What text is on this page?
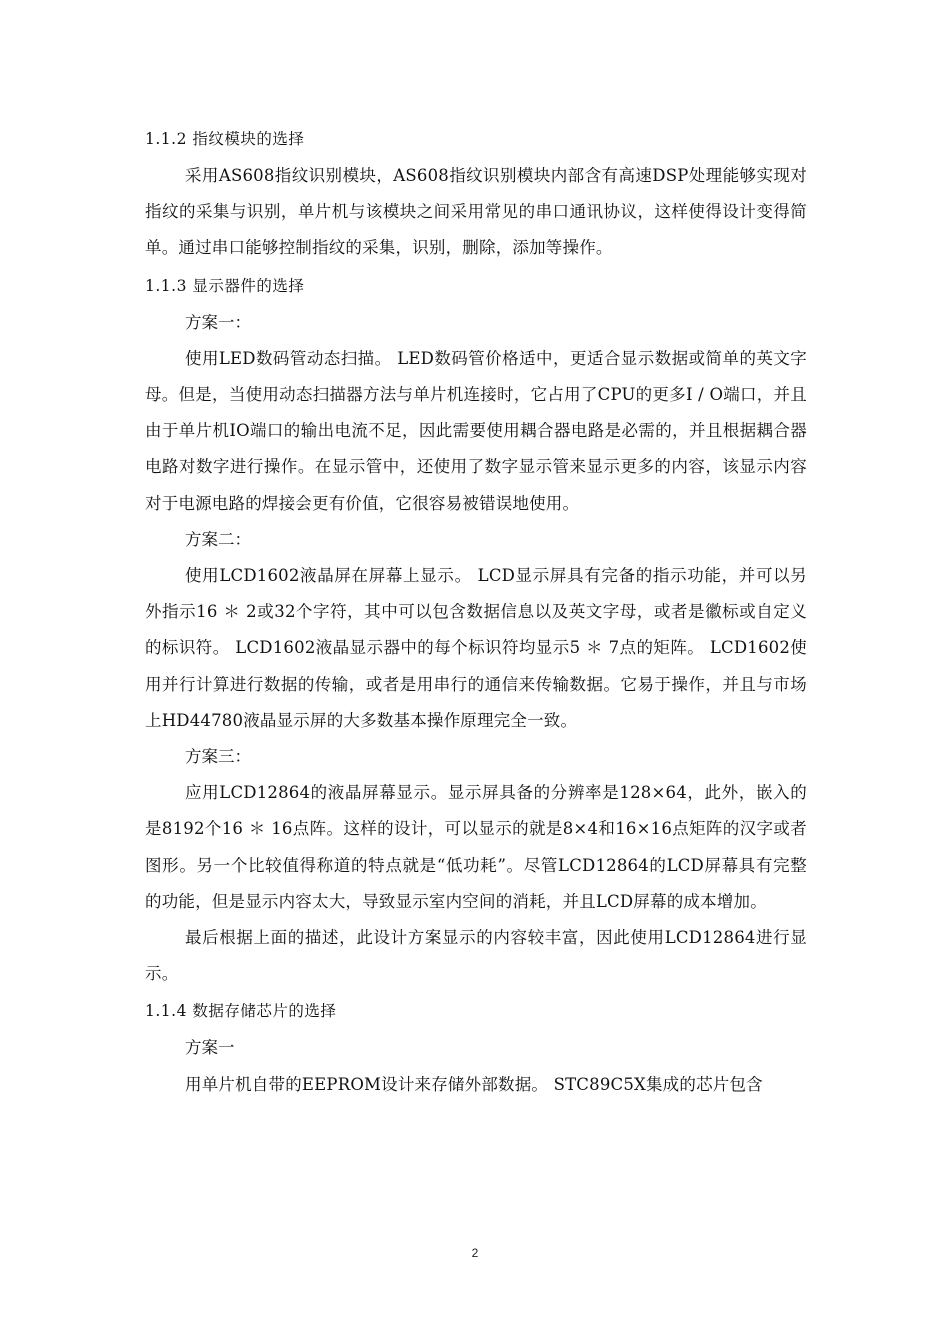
1.1.2 指纹模块的选择

采用AS608指纹识别模块，AS608指纹识别模块内部含有高速DSP处理能够实现对指纹的采集与识别，单片机与该模块之间采用常见的串口通讯协议，这样使得设计变得简单。通过串口能够控制指纹的采集，识别，删除，添加等操作。

1.1.3 显示器件的选择

方案一：

使用LED数码管动态扫描。 LED数码管价格适中，更适合显示数据或简单的英文字母。但是，当使用动态扫描器方法与单片机连接时，它占用了CPU的更多I / O端口，并且由于单片机IO端口的输出电流不足，因此需要使用耦合器电路是必需的，并且根据耦合器电路对数字进行操作。在显示管中，还使用了数字显示管来显示更多的内容，该显示内容对于电源电路的焊接会更有价值，它很容易被错误地使用。

方案二：

使用LCD1602液晶屏在屏幕上显示。 LCD显示屏具有完备的指示功能，并可以另外指示16 ＊ 2或32个字符，其中可以包含数据信息以及英文字母，或者是徽标或自定义的标识符。 LCD1602液晶显示器中的每个标识符均显示5 ＊ 7点的矩阵。 LCD1602使用并行计算进行数据的传输，或者是用串行的通信来传输数据。它易于操作，并且与市场上HD44780液晶显示屏的大多数基本操作原理完全一致。

方案三：

应用LCD12864的液晶屏幕显示。显示屏具备的分辨率是128×64，此外，嵌入的是8192个16 ＊ 16点阵。这样的设计，可以显示的就是8×4和16×16点矩阵的汉字或者图形。另一个比较值得称道的特点就是“低功耗”。尽管LCD12864的LCD屏幕具有完整的功能，但是显示内容太大，导致显示室内空间的消耗，并且LCD屏幕的成本增加。

最后根据上面的描述，此设计方案显示的内容较丰富，因此使用LCD12864进行显示。

1.1.4 数据存储芯片的选择

方案一

用单片机自带的EEPROM设计来存储外部数据。 STC89C5X集成的芯片包含

2
